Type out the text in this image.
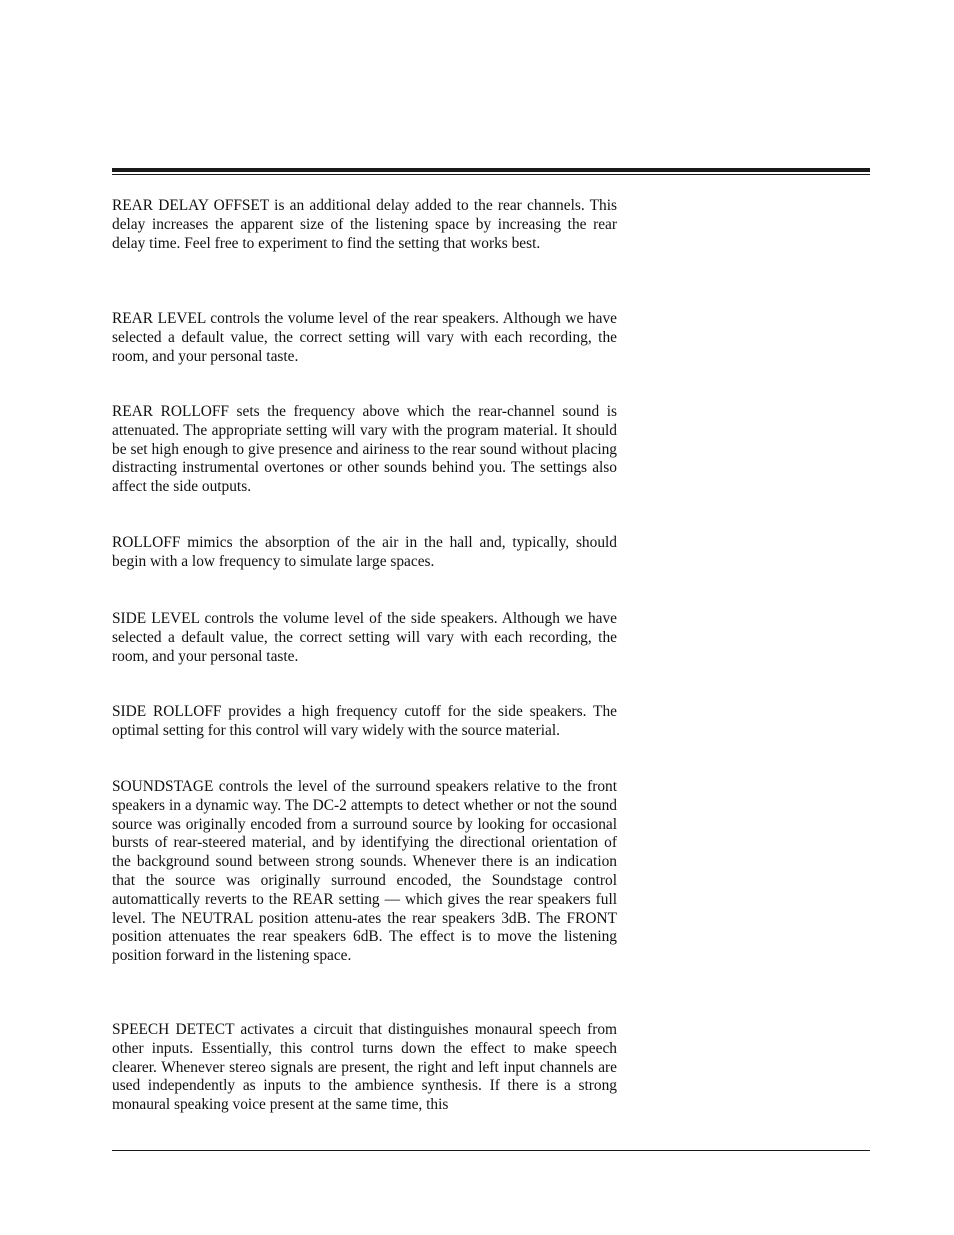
REAR DELAY OFFSET is an additional delay added to the rear channels. This delay increases the apparent size of the listening space by increasing the rear delay time. Feel free to experiment to find the setting that works best.

REAR LEVEL controls the volume level of the rear speakers. Although we have selected a default value, the correct setting will vary with each recording, the room, and your personal taste.

REAR ROLLOFF sets the frequency above which the rear-channel sound is attenuated. The appropriate setting will vary with the program material. It should be set high enough to give presence and airiness to the rear sound without placing distracting instrumental overtones or other sounds behind you. The settings also affect the side outputs.

ROLLOFF mimics the absorption of the air in the hall and, typically, should begin with a low frequency to simulate large spaces.

SIDE LEVEL controls the volume level of the side speakers. Although we have selected a default value, the correct setting will vary with each recording, the room, and your personal taste.

SIDE ROLLOFF provides a high frequency cutoff for the side speakers. The optimal setting for this control will vary widely with the source material.

SOUNDSTAGE controls the level of the surround speakers relative to the front speakers in a dynamic way. The DC-2 attempts to detect whether or not the sound source was originally encoded from a surround source by looking for occasional bursts of rear-steered material, and by identifying the directional orientation of the background sound between strong sounds. Whenever there is an indication that the source was originally surround encoded, the Soundstage control automattically reverts to the REAR setting — which gives the rear speakers full level. The NEUTRAL position attenu-ates the rear speakers 3dB. The FRONT position attenuates the rear speakers 6dB. The effect is to move the listening position forward in the listening space.

SPEECH DETECT activates a circuit that distinguishes monaural speech from other inputs. Essentially, this control turns down the effect to make speech clearer. Whenever stereo signals are present, the right and left input channels are used independently as inputs to the ambience synthesis. If there is a strong monaural speaking voice present at the same time, this
